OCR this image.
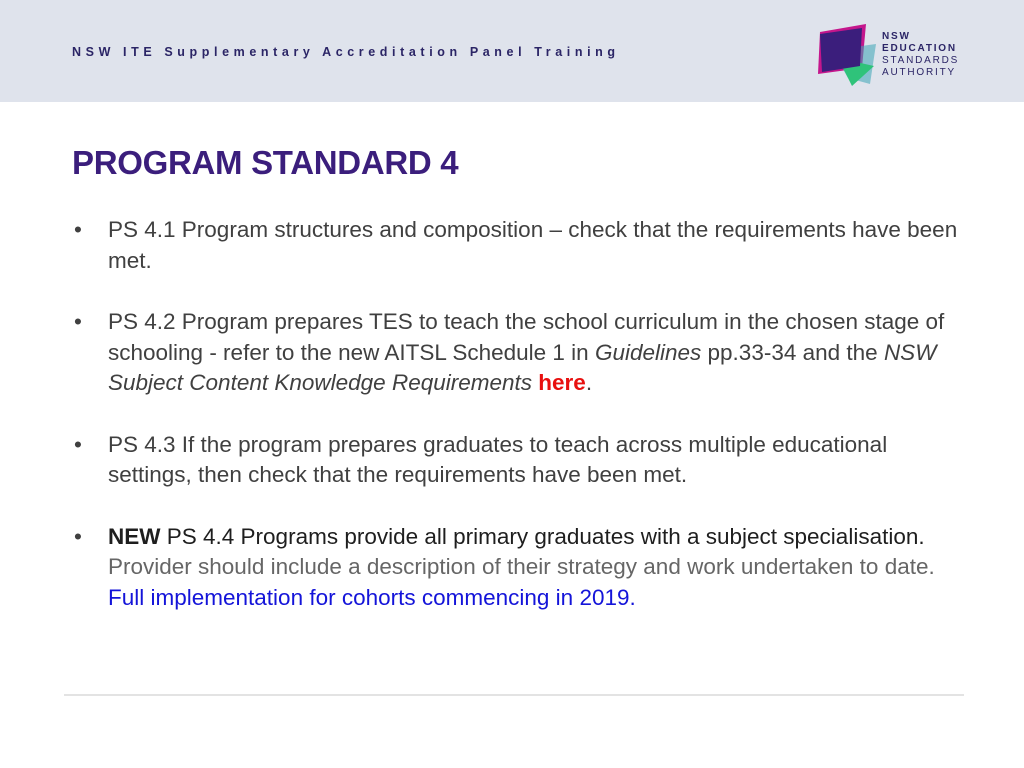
NSW ITE Supplementary Accreditation Panel Training
NSW
EDUCATION
STANDARDS
AUTHORITY
PROGRAM STANDARD 4
• PS 4.1 Program structures and composition – check that the requirements have been met.
• PS 4.2 Program prepares TES to teach the school curriculum in the chosen stage of schooling - refer to the new AITSL Schedule 1 in Guidelines pp.33-34 and the NSW Subject Content Knowledge Requirements here.
• PS 4.3 If the program prepares graduates to teach across multiple educational settings, then check that the requirements have been met.
• NEW PS 4.4 Programs provide all primary graduates with a subject specialisation. Provider should include a description of their strategy and work undertaken to date. Full implementation for cohorts commencing in 2019.
